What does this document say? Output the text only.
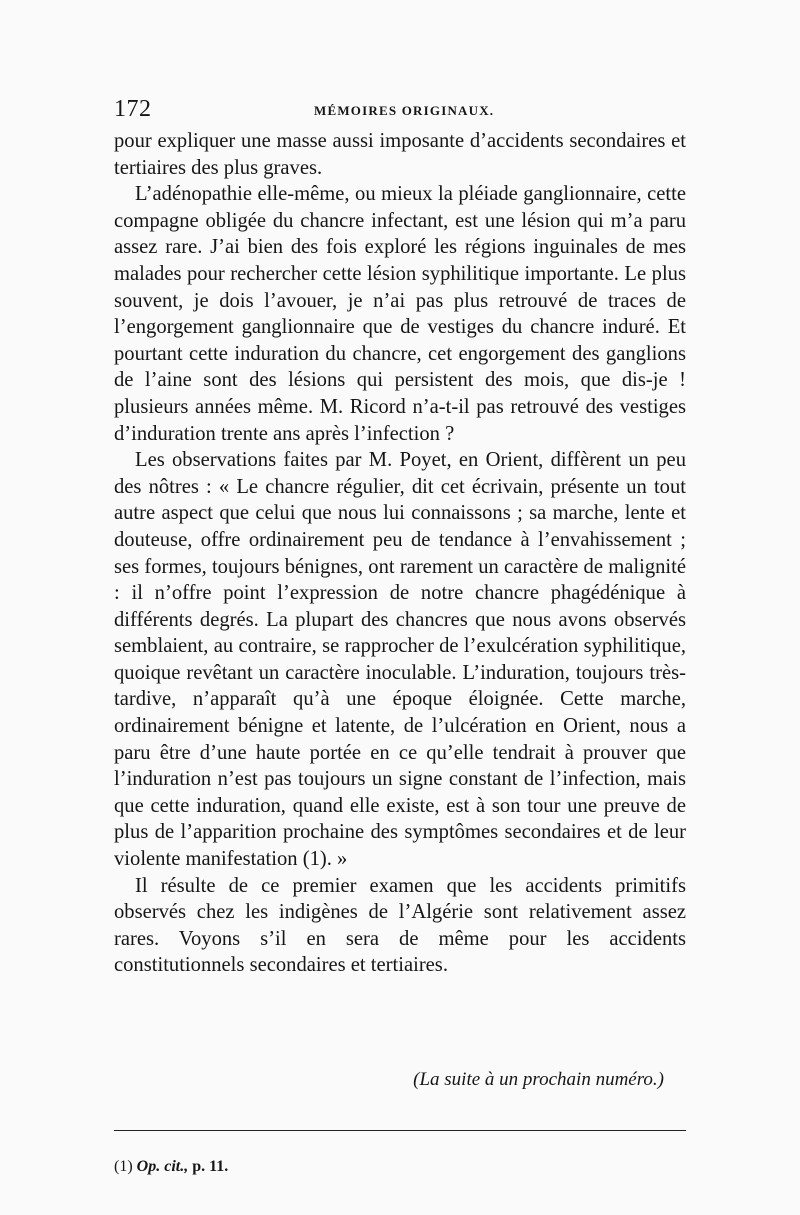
172	MÉMOIRES ORIGINAUX.

pour expliquer une masse aussi imposante d’accidents secondaires et tertiaires des plus graves.

L’adénopathie elle-même, ou mieux la pléiade ganglionnaire, cette compagne obligée du chancre infectant, est une lésion qui m’a paru assez rare. J’ai bien des fois exploré les régions inguinales de mes malades pour rechercher cette lésion syphilitique importante. Le plus souvent, je dois l’avouer, je n’ai pas plus retrouvé de traces de l’engorgement ganglionnaire que de vestiges du chancre induré. Et pourtant cette induration du chancre, cet engorgement des ganglions de l’aine sont des lésions qui persistent des mois, que dis-je ! plusieurs années même. M. Ricord n’a-t-il pas retrouvé des vestiges d’induration trente ans après l’infection ?

Les observations faites par M. Poyet, en Orient, diffèrent un peu des nôtres : « Le chancre régulier, dit cet écrivain, présente un tout autre aspect que celui que nous lui connaissons ; sa marche, lente et douteuse, offre ordinairement peu de tendance à l’envahissement ; ses formes, toujours bénignes, ont rarement un caractère de malignité : il n’offre point l’expression de notre chancre phagédénique à différents degrés. La plupart des chancres que nous avons observés semblaient, au contraire, se rapprocher de l’exulcération syphilitique, quoique revêtant un caractère inoculable. L’induration, toujours très-tardive, n’apparaît qu’à une époque éloignée. Cette marche, ordinairement bénigne et latente, de l’ulcération en Orient, nous a paru être d’une haute portée en ce qu’elle tendrait à prouver que l’induration n’est pas toujours un signe constant de l’infection, mais que cette induration, quand elle existe, est à son tour une preuve de plus de l’apparition prochaine des symptômes secondaires et de leur violente manifestation (1). »

Il résulte de ce premier examen que les accidents primitifs observés chez les indigènes de l’Algérie sont relativement assez rares. Voyons s’il en sera de même pour les accidents constitutionnels secondaires et tertiaires.

(La suite à un prochain numéro.)
(1) Op. cit., p. 11.
